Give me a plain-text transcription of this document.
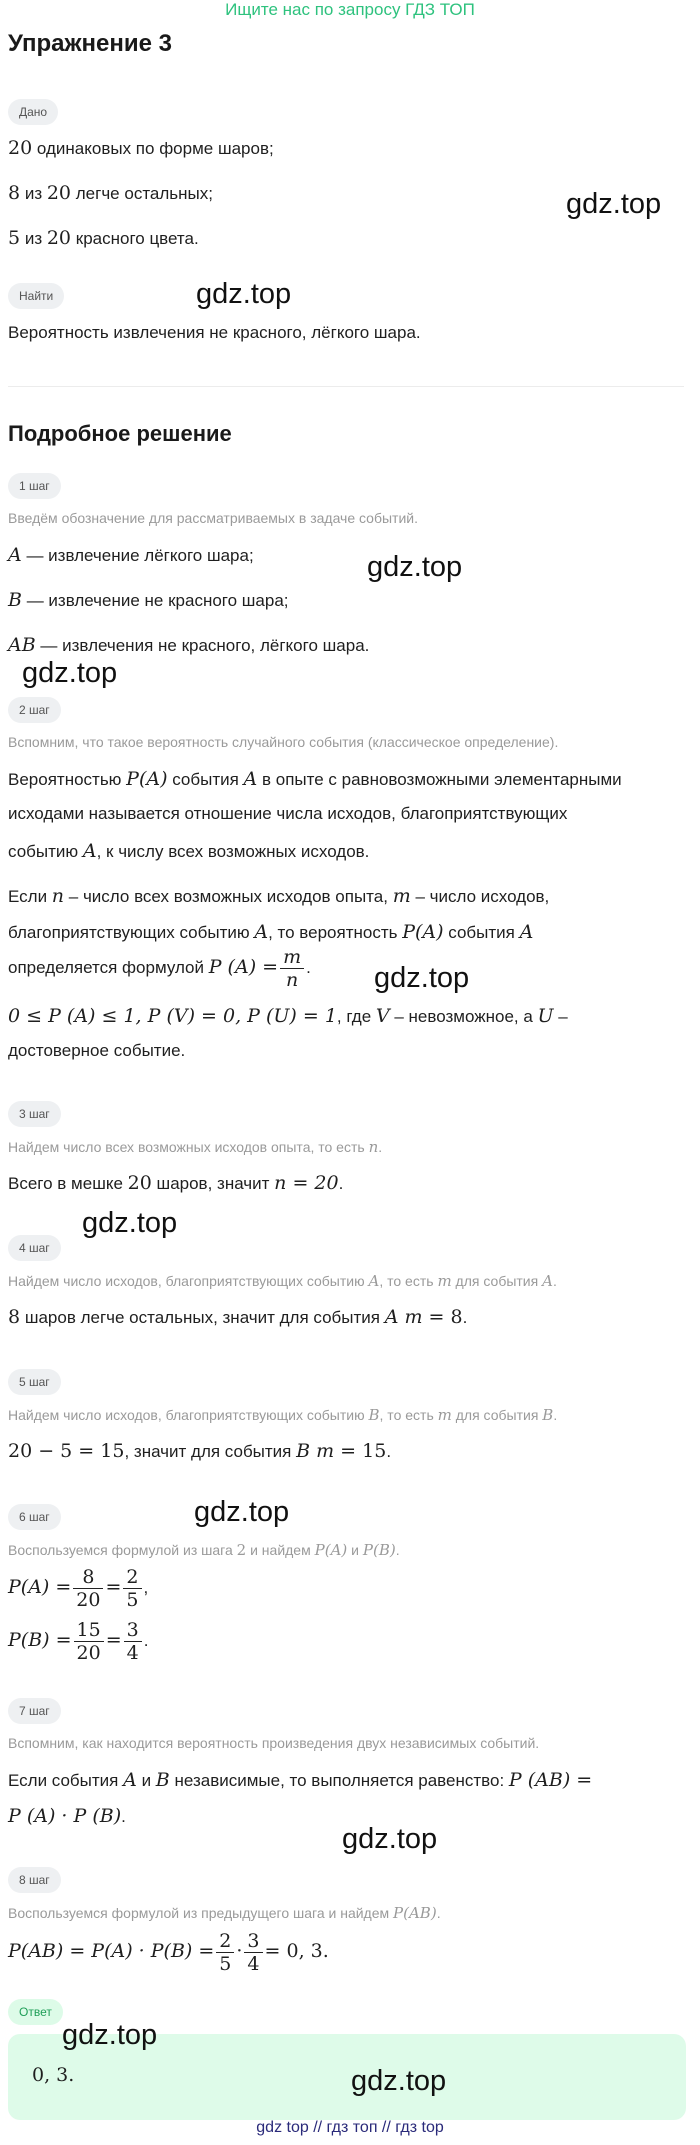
Ищите нас по запросу ГДЗ ТОП
Упражнение 3
Дано
20 одинаковых по форме шаров;
8 из 20 легче остальных;
5 из 20 красного цвета.
Найти
Вероятность извлечения не красного, лёгкого шара.
Подробное решение
1 шаг
Введём обозначение для рассматриваемых в задаче событий.
A — извлечение лёгкого шара;
B — извлечение не красного шара;
AB — извлечения не красного, лёгкого шара.
2 шаг
Вспомним, что такое вероятность случайного события (классическое определение).
Вероятностью P(A) события A в опыте с равновозможными элементарными
исходами называется отношение числа исходов, благоприятствующих
событию A, к числу всех возможных исходов.
Если n – число всех возможных исходов опыта, m – число исходов,
благоприятствующих событию A, то вероятность P(A) события A
определяется формулой P $(A) = \frac{m}{n}$ .
0 ≤ P (A) ≤ 1, P (V) = 0, P (U) = 1, где V – невозможное, а U –
достоверное событие.
3 шаг
Найдем число всех возможных исходов опыта, то есть n.
Всего в мешке 20 шаров, значит n = 20.
4 шаг
Найдем число исходов, благоприятствующих событию A, то есть m для события A.
8 шаров легче остальных, значит для события A m = 8.
5 шаг
Найдем число исходов, благоприятствующих событию B, то есть m для события B.
20 − 5 = 15, значит для события B m = 15.
6 шаг
Воспользуемся формулой из шага 2 и найдем P(A) и P(B).
$P(A) = \frac{8}{20} = \frac{2}{5}$ ,
$P(B) = \frac{15}{20} = \frac{3}{4}$ .
7 шаг
Вспомним, как находится вероятность произведения двух независимых событий.
Если события A и B независимые, то выполняется равенство: P (AB) =
P (A) · P (B).
8 шаг
Воспользуемся формулой из предыдущего шага и найдем P(AB).
$P(AB) = P(A) \cdot P(B) = \frac{2}{5} \cdot \frac{3}{4} = 0$, 3.
Ответ
0, 3.
gdz.top
gdz.top
gdz.top
gdz.top
gdz.top
gdz.top
gdz.top
gdz.top
gdz.top
gdz.top
gdz top // гдз топ // гдз top
